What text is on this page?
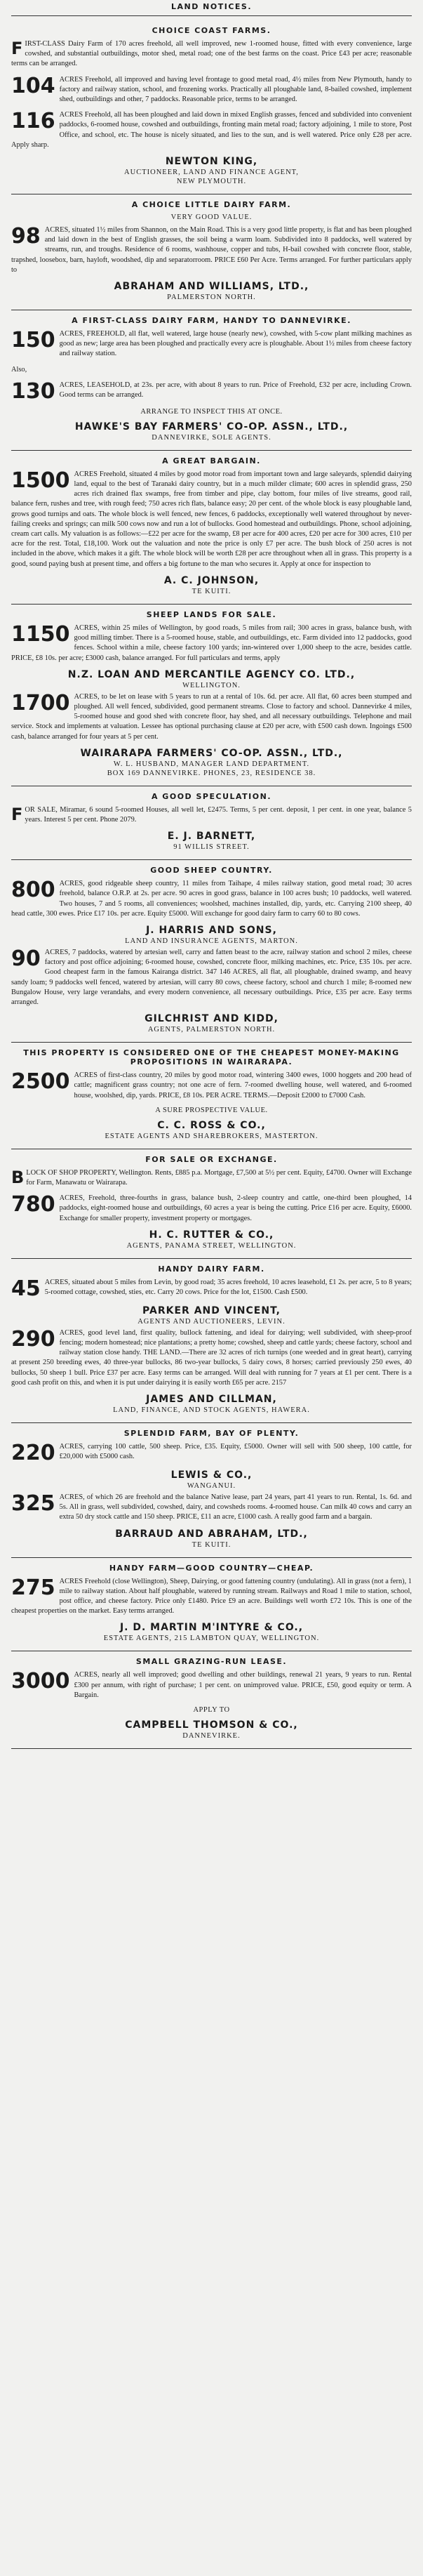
LAND NOTICES.
CHOICE COAST FARMS.

FIRST-CLASS Dairy Farm of 170 acres freehold, all well improved, new 1-roomed house, fitted with every convenience, large cowshed, and substantial outbuildings, motor shed, metal road; one of the best farms on the coast. Price £43 per acre; reasonable terms can be arranged.

104 ACRES Freehold, all improved and having level frontage to good metal road, 4½ miles from New Plymouth, handy to factory and railway station, school, and frozening works. Practically all ploughable land, 8-bailed cowshed, implement shed, outbuildings and other, 7 paddocks. Reasonable price, terms to be arranged.

116 ACRES Freehold, all has been ploughed and laid down in mixed English grasses, fenced and subdivided into convenient paddocks, 6-roomed house, cowshed and outbuildings, fronting main metal road; factory adjoining, 1 mile to store, Post Office, and school, etc. The house is nicely situated, and lies to the sun, and is well watered. Price only £28 per acre. Apply sharp.

NEWTON KING,
AUCTIONEER, LAND AND FINANCE AGENT,
NEW PLYMOUTH.
A CHOICE LITTLE DAIRY FARM.
VERY GOOD VALUE.

98 ACRES, situated 1½ miles from Shannon, on the Main Road. This is a very good little property, is flat and has been ploughed and laid down in the best of English grasses, the soil being a warm loam. Subdivided into 8 paddocks, well watered by streams, run, and troughs. Residence of 6 rooms, washhouse, copper and tubs, H-bail cowshed with concrete floor, stable, trapshed, loosebox, barn, hayloft, woodshed, dip and separatorroom. PRICE £60 Per Acre. Terms arranged. For further particulars apply to

ABRAHAM AND WILLIAMS, LTD.,
PALMERSTON NORTH.
A FIRST-CLASS DAIRY FARM, HANDY TO DANNEVIRKE.

150 ACRES, FREEHOLD, all flat, well watered, large house (nearly new), cowshed, with 5-cow plant milking machines as good as new; large area has been ploughed and practically every acre is ploughable. About 1½ miles from cheese factory and railway station.

Also,

130 ACRES, LEASEHOLD, at 23s. per acre, with about 8 years to run. Price of Freehold, £32 per acre, including Crown. Good terms can be arranged.

ARRANGE TO INSPECT THIS AT ONCE.
HAWKE'S BAY FARMERS' CO-OP. ASSN., LTD.,
DANNEVIRKE, SOLE AGENTS.
A GREAT BARGAIN.

1500 ACRES Freehold, situated 4 miles by good motor road from important town and large saleyards, splendid dairying land, equal to the best of Taranaki dairy country, but in a much milder climate; 600 acres in splendid grass, 250 acres rich drained flax swamps, free from timber and pipe, clay bottom, four miles of live streams, good rail, balance fern, rushes and tree, with rough feed; 750 acres rich flats, balance easy; 20 per cent. of the whole block is easy ploughable land, grows good turnips and oats. The whole block is well fenced, new fences, 6 paddocks, exceptionally well watered throughout by never-failing creeks and springs; can milk 500 cows now and run a lot of bullocks. Good homestead and outbuildings. Phone, school adjoining, cream cart calls. My valuation is as follows:—£22 per acre for the swamp, £8 per acre for 400 acres, £20 per acre for 300 acres, £10 per acre for the rest. Total, £18,100. Work out the valuation and note the price is only £7 per acre. The bush block of 250 acres is not included in the above, which makes it a gift. The whole block will be worth £28 per acre throughout when all in grass. This property is a good, sound paying bush at present time, and offers a big fortune to the man who secures it. Apply at once for inspection to

A. C. JOHNSON,
TE KUITI.
SHEEP LANDS FOR SALE.

1150 ACRES, within 25 miles of Wellington, by good roads, 5 miles from rail; 300 acres in grass, balance bush, with good milling timber. There is a 5-roomed house, stable, and outbuildings, etc. Farm divided into 12 paddocks, good fences. School within a mile, cheese factory 100 yards; inn-wintered over 1,000 sheep to the acre, besides cattle. PRICE, £8 10s. per acre; £3000 cash, balance arranged. For full particulars and terms, apply

N.Z. LOAN AND MERCANTILE AGENCY CO. LTD.,
WELLINGTON.

1700 ACRES, to be let on lease with 5 years to run at a rental of 10s. 6d. per acre. All flat, 60 acres been stumped and ploughed. All well fenced, subdivided, good permanent streams. Close to factory and school. Dannevirke 4 miles, 5-roomed house and good shed with concrete floor, hay shed, and all necessary outbuildings. Telephone and mail service. Stock and implements at valuation. Lessee has optional purchasing clause at £20 per acre, with £500 cash down. Ingoings £500 cash, balance arranged for four years at 5 per cent.

WAIRARAPA FARMERS' CO-OP. ASSN., LTD.,
W. L. HUSBAND, MANAGER LAND DEPARTMENT.
BOX 169 DANNEVIRKE. PHONES, 23, RESIDENCE 38.
A GOOD SPECULATION.

FOR SALE, Miramar, 6 sound 5-roomed Houses, all well let, £2475. Terms, 5 per cent. deposit, 1 per cent. in one year, balance 5 years. Interest 5 per cent. Phone 2079.

E. J. BARNETT,
91 WILLIS STREET.
GOOD SHEEP COUNTRY.

800 ACRES, good ridgeable sheep country, 11 miles from Taihape, 4 miles railway station, good metal road; 30 acres freehold, balance O.R.P. at 2s. per acre. 90 acres in good grass, balance in 100 acres bush; 10 paddocks, well watered. Two houses, 7 and 5 rooms, all conveniences; woolshed, machines installed, dip, yards, etc. Carrying 2100 sheep, 40 head cattle, 300 ewes. Price £17 10s. per acre. Equity £5000. Will exchange for good dairy farm to carry 60 to 80 cows.

J. HARRIS AND SONS,
LAND AND INSURANCE AGENTS, MARTON.

90 ACRES, 7 paddocks, watered by artesian well, carry and fatten beast to the acre, railway station and school 2 miles, cheese factory and post office adjoining; 6-roomed house, cowshed, concrete floor, milking machines, etc. Price, £35 10s. per acre. Good cheapest farm in the famous Kairanga district. 347 146 ACRES, all flat, all ploughable, drained swamp, and heavy sandy loam; 9 paddocks well fenced, watered by artesian, will carry 80 cows, cheese factory, school and church 1 mile; 8-roomed new Bungalow House, very large verandahs, and every modern convenience, all necessary outbuildings. Price, £35 per acre. Easy terms arranged.

GILCHRIST AND KIDD,
AGENTS, PALMERSTON NORTH.
THIS PROPERTY IS CONSIDERED ONE OF THE CHEAPEST MONEY-MAKING PROPOSITIONS IN WAIRARAPA.

2500 ACRES of first-class country, 20 miles by good motor road, wintering 3400 ewes, 1000 hoggets and 200 head of cattle; magnificent grass country; not one acre of fern. 7-roomed dwelling house, well watered, and 6-roomed house, woolshed, dip, yards. PRICE, £8 10s. PER ACRE. TERMS.—Deposit £2000 to £7000 Cash.

A SURE PROSPECTIVE VALUE.
C. C. ROSS & CO.,
ESTATE AGENTS AND SHAREBROKERS, MASTERTON.
FOR SALE OR EXCHANGE.

BLOCK OF SHOP PROPERTY, Wellington. Rents, £885 p.a. Mortgage, £7,500 at 5½ per cent. Equity, £4700. Owner will Exchange for Farm, Manawatu or Wairarapa.

780 ACRES, Freehold, three-fourths in grass, balance bush, 2-sleep country and cattle, one-third been ploughed, 14 paddocks, eight-roomed house and outbuildings, 60 acres a year is being the cutting. Price £16 per acre. Equity, £6000. Exchange for smaller property, investment property or mortgages.

H. C. RUTTER & CO.,
AGENTS, PANAMA STREET, WELLINGTON.
HANDY DAIRY FARM.

45 ACRES, situated about 5 miles from Levin, by good road; 35 acres freehold, 10 acres leasehold, £1 2s. per acre, 5 to 8 years; 5-roomed cottage, cowshed, sties, etc. Carry 20 cows. Price for the lot, £1500. Cash £500.

PARKER AND VINCENT,
AGENTS AND AUCTIONEERS, LEVIN.

290 ACRES, good level land, first quality, bullock fattening, and ideal for dairying; well subdivided, with sheep-proof fencing; modern homestead; nice plantations; a pretty home; cowshed, sheep and cattle yards; cheese factory, school and railway station close handy. THE LAND.—There are 32 acres of rich turnips (one weeded and in great heart), carrying at present 250 breeding ewes, 40 three-year bullocks, 86 two-year bullocks, 5 dairy cows, 8 horses; carried previously 250 ewes, 40 bullocks, 50 sheep 1 bull. Price £37 per acre. Easy terms can be arranged. Will deal with running for 7 years at £1 per cent. There is a good cash profit on this, and when it is put under dairying it is easily worth £65 per acre. 2157

JAMES AND CILLMAN,
LAND, FINANCE, AND STOCK AGENTS, HAWERA.
SPLENDID FARM, BAY OF PLENTY.

220 ACRES, carrying 100 cattle, 500 sheep. Price, £35. Equity, £5000. Owner will sell with 500 sheep, 100 cattle, for £20,000 with £5000 cash.

LEWIS & CO.,
WANGANUI.

325 ACRES, of which 26 are freehold and the balance Native lease, part 24 years, part 41 years to run. Rental, 1s. 6d. and 5s. All in grass, well subdivided, cowshed, dairy, and cowsheds rooms. 4-roomed house. Can milk 40 cows and carry an extra 50 dry stock cattle and 150 sheep. PRICE, £11 an acre, £1000 cash. A really good farm and a bargain.

BARRAUD AND ABRAHAM, LTD.,
TE KUITI.
HANDY FARM—GOOD COUNTRY—CHEAP.

275 ACRES Freehold (close Wellington), Sheep, Dairying, or good fattening country (undulating). All in grass (not a fern), 1 mile to railway station. About half ploughable, watered by running stream. Railways and Road 1 mile to station, school, post office, and cheese factory. Price only £1480. Price £9 an acre. Buildings well worth £72 10s. This is one of the cheapest properties on the market. Easy terms arranged.

J. D. MARTIN M'INTYRE & CO.,
ESTATE AGENTS, 215 LAMBTON QUAY, WELLINGTON.
SMALL GRAZING-RUN LEASE.

3000 ACRES, nearly all well improved; good dwelling and other buildings, renewal 21 years, 9 years to run. Rental £300 per annum, with right of purchase; 1 per cent. on unimproved value. PRICE, £50, good equity or term. A Bargain.

APPLY TO
CAMPBELL THOMSON & CO.,
DANNEVIRKE.
